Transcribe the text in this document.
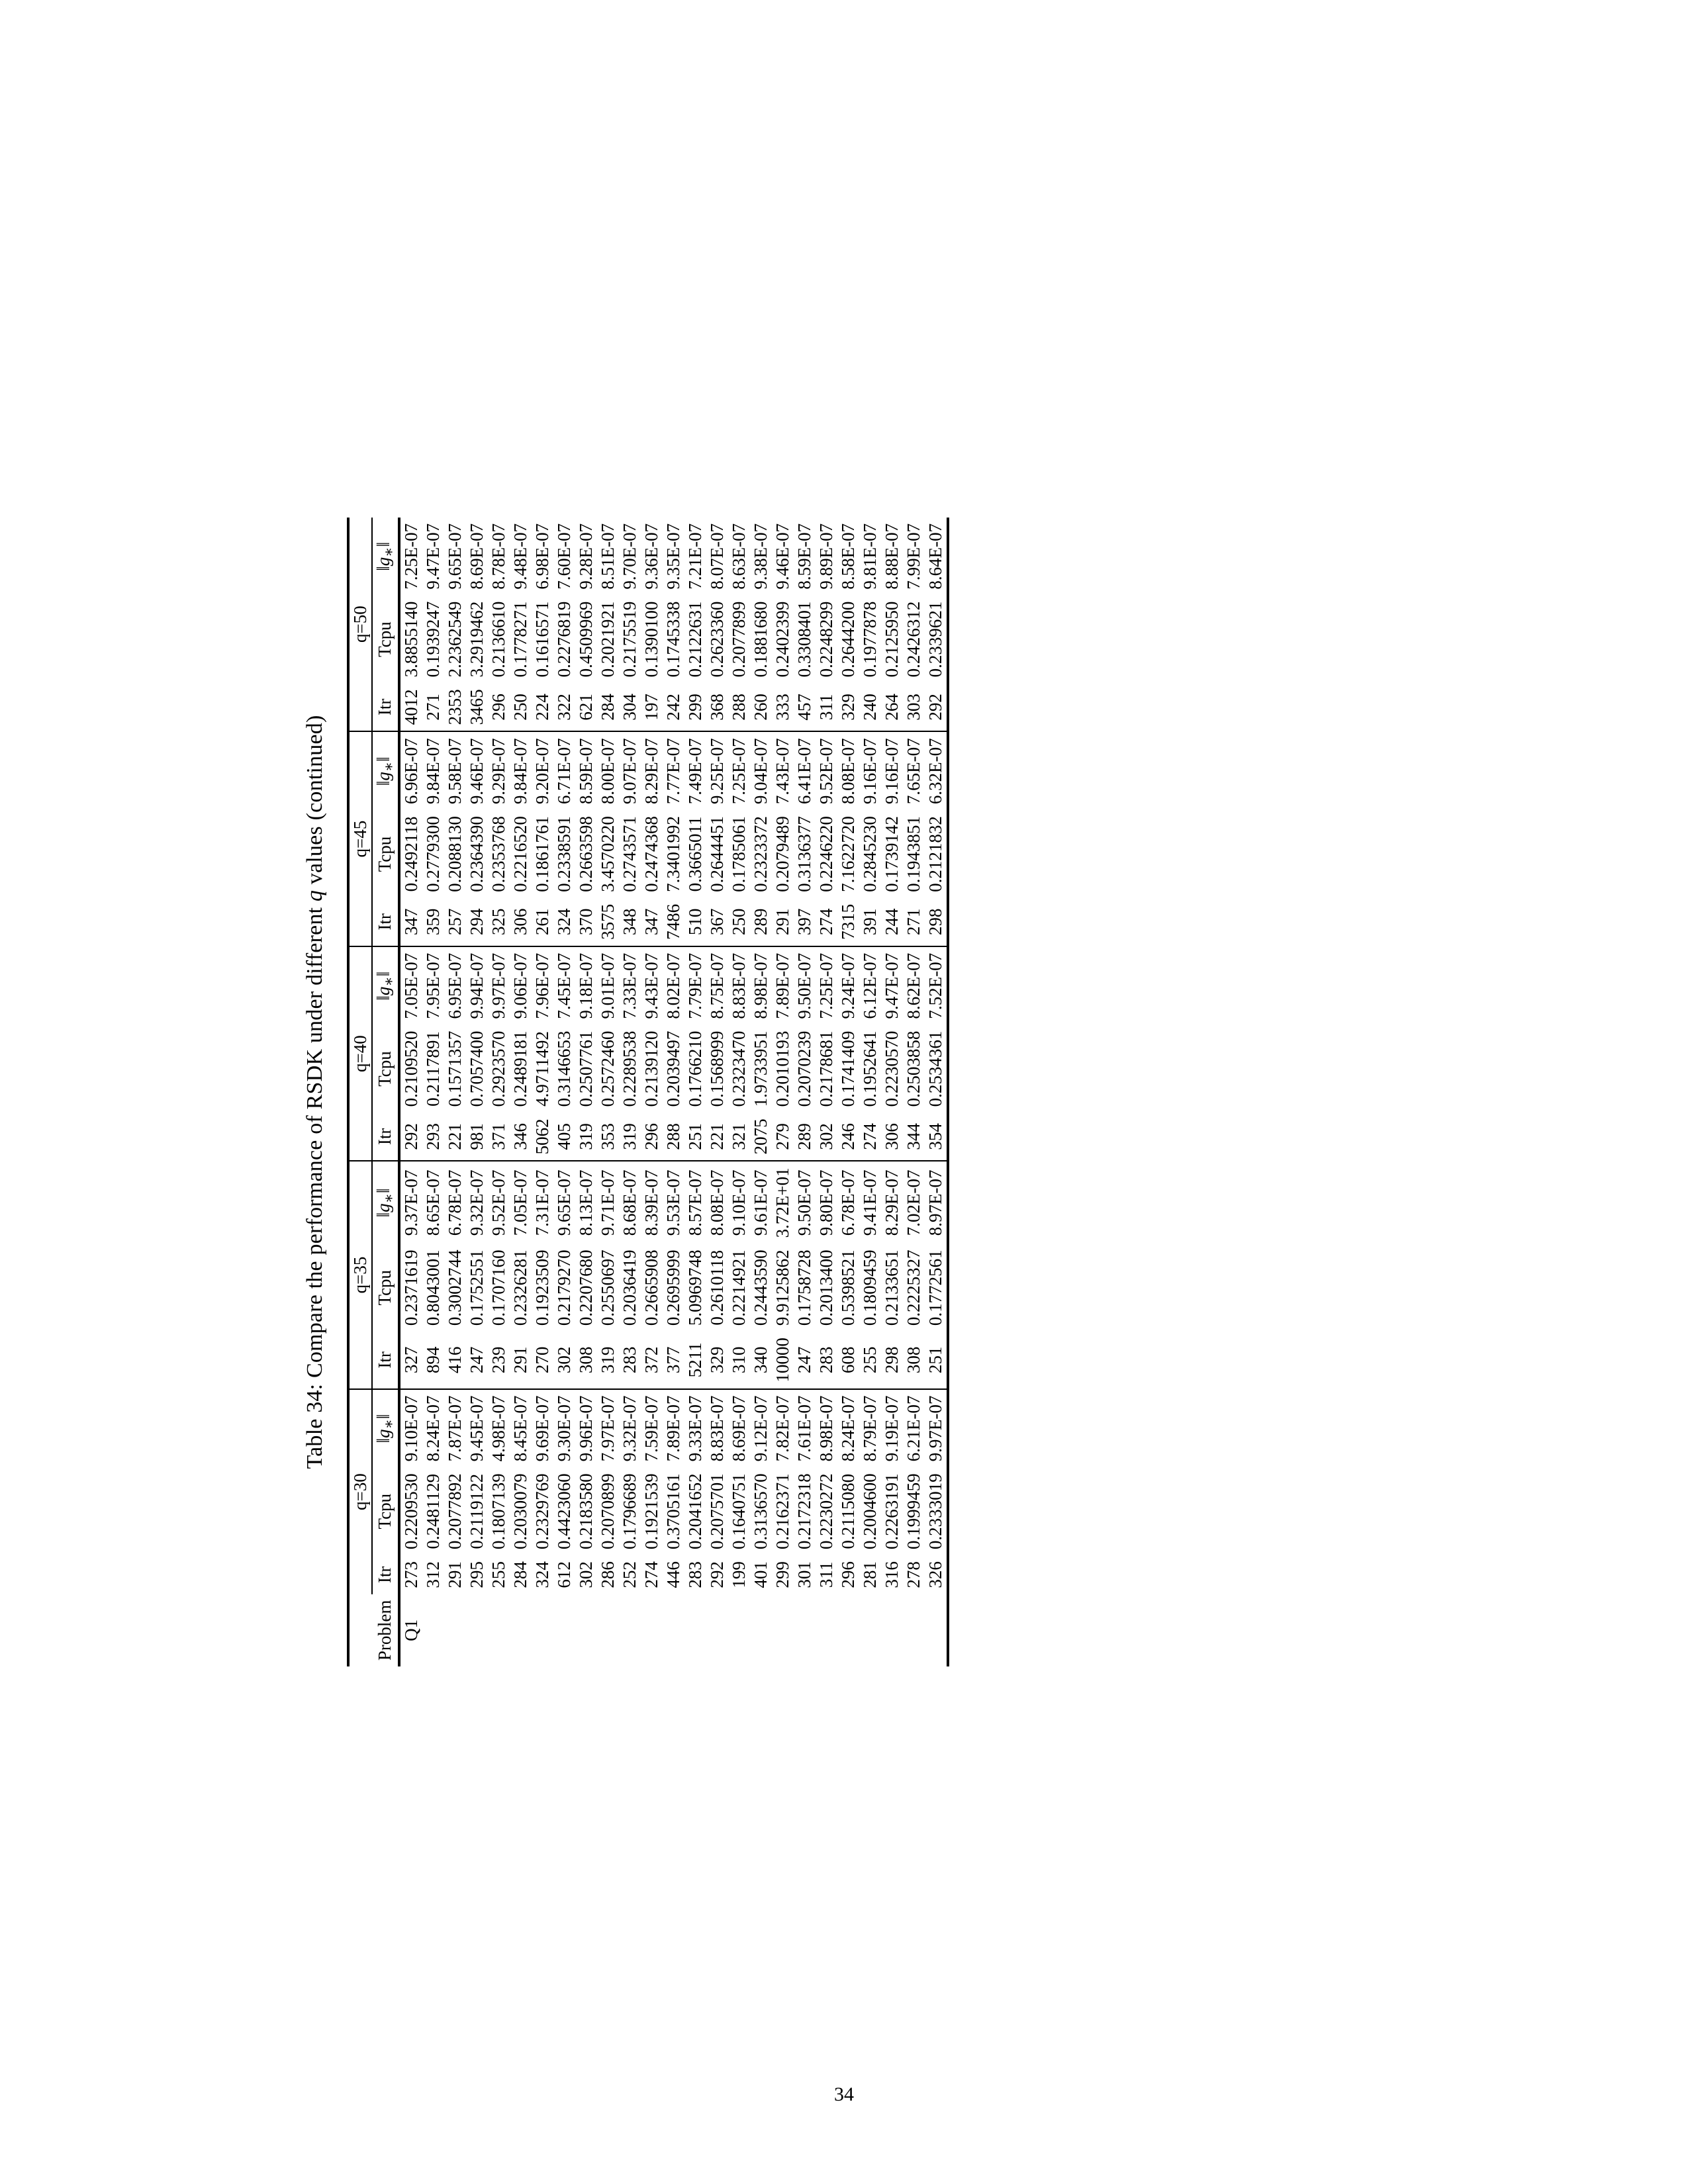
Table 34: Compare the performance of RSDK under different q values (continued)
	q=30			q=35			q=40			q=45			q=50		
Problem	Itr	Tcpu	$‖g_∗‖$	Itr	Tcpu	$‖g_∗‖$	Itr	Tcpu	$‖g_∗‖$	Itr	Tcpu	$‖g_∗‖$	Itr	Tcpu	$‖g_∗‖$
Q1	273	0.2209530	9.10E-07	327	0.2371619	9.37E-07	292	0.2109520	7.05E-07	347	0.2492118	6.96E-07	4012	3.8855140	7.25E-07
	312	0.2481129	8.24E-07	894	0.8043001	8.65E-07	293	0.2117891	7.95E-07	359	0.2779300	9.84E-07	271	0.1939247	9.47E-07
	291	0.2077892	7.87E-07	416	0.3002744	6.78E-07	221	0.1571357	6.95E-07	257	0.2088130	9.58E-07	2353	2.2362549	9.65E-07
	295	0.2119122	9.45E-07	247	0.1752551	9.32E-07	981	0.7057400	9.94E-07	294	0.2364390	9.46E-07	3465	3.2919462	8.69E-07
	255	0.1807139	4.98E-07	239	0.1707160	9.52E-07	371	0.2923570	9.97E-07	325	0.2353768	9.29E-07	296	0.2136610	8.78E-07
	284	0.2030079	8.45E-07	291	0.2326281	7.05E-07	346	0.2489181	9.06E-07	306	0.2216520	9.84E-07	250	0.1778271	9.48E-07
	324	0.2329769	9.69E-07	270	0.1923509	7.31E-07	5062	4.9711492	7.96E-07	261	0.1861761	9.20E-07	224	0.1616571	6.98E-07
	612	0.4423060	9.30E-07	302	0.2179270	9.65E-07	405	0.3146653	7.45E-07	324	0.2338591	6.71E-07	322	0.2276819	7.60E-07
	302	0.2183580	9.96E-07	308	0.2207680	8.13E-07	319	0.2507761	9.18E-07	370	0.2663598	8.59E-07	621	0.4509969	9.28E-07
	286	0.2070899	7.97E-07	319	0.2550697	9.71E-07	353	0.2572460	9.01E-07	3575	3.4570220	8.00E-07	284	0.2021921	8.51E-07
	252	0.1796689	9.32E-07	283	0.2036419	8.68E-07	319	0.2289538	7.33E-07	348	0.2743571	9.07E-07	304	0.2175519	9.70E-07
	274	0.1921539	7.59E-07	372	0.2665908	8.39E-07	296	0.2139120	9.43E-07	347	0.2474368	8.29E-07	197	0.1390100	9.36E-07
	446	0.3705161	7.89E-07	377	0.2695999	9.53E-07	288	0.2039497	8.02E-07	7486	7.3401992	7.77E-07	242	0.1745338	9.35E-07
	283	0.2041652	9.33E-07	5211	5.0969748	8.57E-07	251	0.1766210	7.79E-07	510	0.3665011	7.49E-07	299	0.2122631	7.21E-07
	292	0.2075701	8.83E-07	329	0.2610118	8.08E-07	221	0.1568999	8.75E-07	367	0.2644451	9.25E-07	368	0.2623360	8.07E-07
	199	0.1640751	8.69E-07	310	0.2214921	9.10E-07	321	0.2323470	8.83E-07	250	0.1785061	7.25E-07	288	0.2077899	8.63E-07
	401	0.3136570	9.12E-07	340	0.2443590	9.61E-07	2075	1.9733951	8.98E-07	289	0.2323372	9.04E-07	260	0.1881680	9.38E-07
	299	0.2162371	7.82E-07	10000	9.9125862	3.72E+01	279	0.2010193	7.89E-07	291	0.2079489	7.43E-07	333	0.2402399	9.46E-07
	301	0.2172318	7.61E-07	247	0.1758728	9.50E-07	289	0.2070239	9.50E-07	397	0.3136377	6.41E-07	457	0.3308401	8.59E-07
	311	0.2230272	8.98E-07	283	0.2013400	9.80E-07	302	0.2178681	7.25E-07	274	0.2246220	9.52E-07	311	0.2248299	9.89E-07
	296	0.2115080	8.24E-07	608	0.5398521	6.78E-07	246	0.1741409	9.24E-07	7315	7.1622720	8.08E-07	329	0.2644200	8.58E-07
	281	0.2004600	8.79E-07	255	0.1809459	9.41E-07	274	0.1952641	6.12E-07	391	0.2845230	9.16E-07	240	0.1977878	9.81E-07
	316	0.2263191	9.19E-07	298	0.2133651	8.29E-07	306	0.2230570	9.47E-07	244	0.1739142	9.16E-07	264	0.2125950	8.88E-07
	278	0.1999459	6.21E-07	308	0.2225327	7.02E-07	344	0.2503858	8.62E-07	271	0.1943851	7.65E-07	303	0.2426312	7.99E-07
	326	0.2333019	9.97E-07	251	0.1772561	8.97E-07	354	0.2534361	7.52E-07	298	0.2121832	6.32E-07	292	0.2339621	8.64E-07
34
